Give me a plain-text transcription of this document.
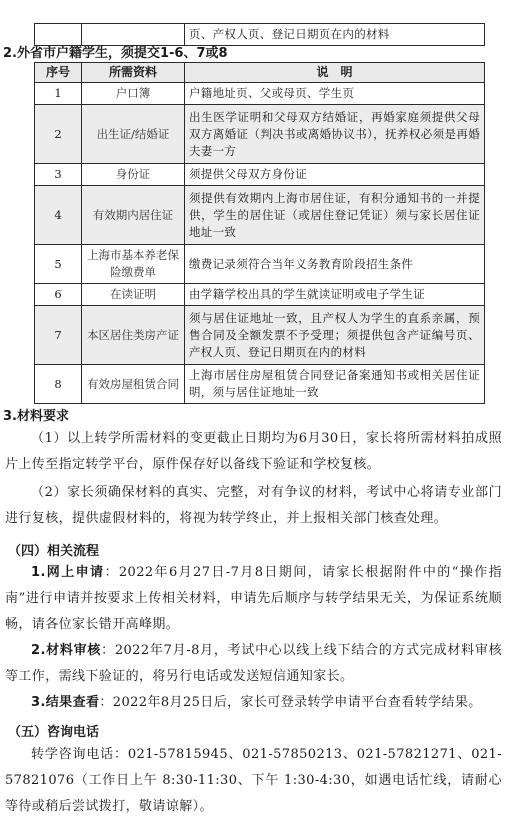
		页、产权人页、登记日期页在内的材料
2.外省市户籍学生，须提交1-6、7或8
序号	所需资料	说　明
1	户口簿	户籍地址页、父或母页、学生页
2	出生证/结婚证	出生医学证明和父母双方结婚证，再婚家庭须提供父母双方离婚证（判决书或离婚协议书），抚养权必须是再婚夫妻一方
3	身份证	须提供父母双方身份证
4	有效期内居住证	须提供有效期内上海市居住证，有积分通知书的一并提供，学生的居住证（或居住登记凭证）须与家长居住证地址一致
5	上海市基本养老保险缴费单	缴费记录须符合当年义务教育阶段招生条件
6	在读证明	由学籍学校出具的学生就读证明或电子学生证
7	本区居住类房产证	须与居住证地址一致，且产权人为学生的直系亲属，预售合同及全额发票不予受理；须提供包含产证编号页、产权人页、登记日期页在内的材料
8	有效房屋租赁合同	上海市居住房屋租赁合同登记备案通知书或相关居住证明，须与居住证地址一致
3.材料要求
（1）以上转学所需材料的变更截止日期均为6月30日，家长将所需材料拍成照片上传至指定转学平台，原件保存好以备线下验证和学校复核。
（2）家长须确保材料的真实、完整，对有争议的材料，考试中心将请专业部门进行复核，提供虚假材料的，将视为转学终止，并上报相关部门核查处理。
（四）相关流程
1.网上申请：2022年6月27日-7月8日期间，请家长根据附件中的“操作指南”进行申请并按要求上传相关材料，申请先后顺序与转学结果无关，为保证系统顺畅，请各位家长错开高峰期。
2.材料审核：2022年7月-8月，考试中心以线上线下结合的方式完成材料审核等工作，需线下验证的，将另行电话或发送短信通知家长。
3.结果查看：2022年8月25日后，家长可登录转学申请平台查看转学结果。
（五）咨询电话
转学咨询电话：021-57815945、021-57850213、021-57821271、021-57821076（工作日上午 8:30-11:30、下午 1:30-4:30，如遇电话忙线，请耐心等待或稍后尝试拨打，敬请谅解）。
